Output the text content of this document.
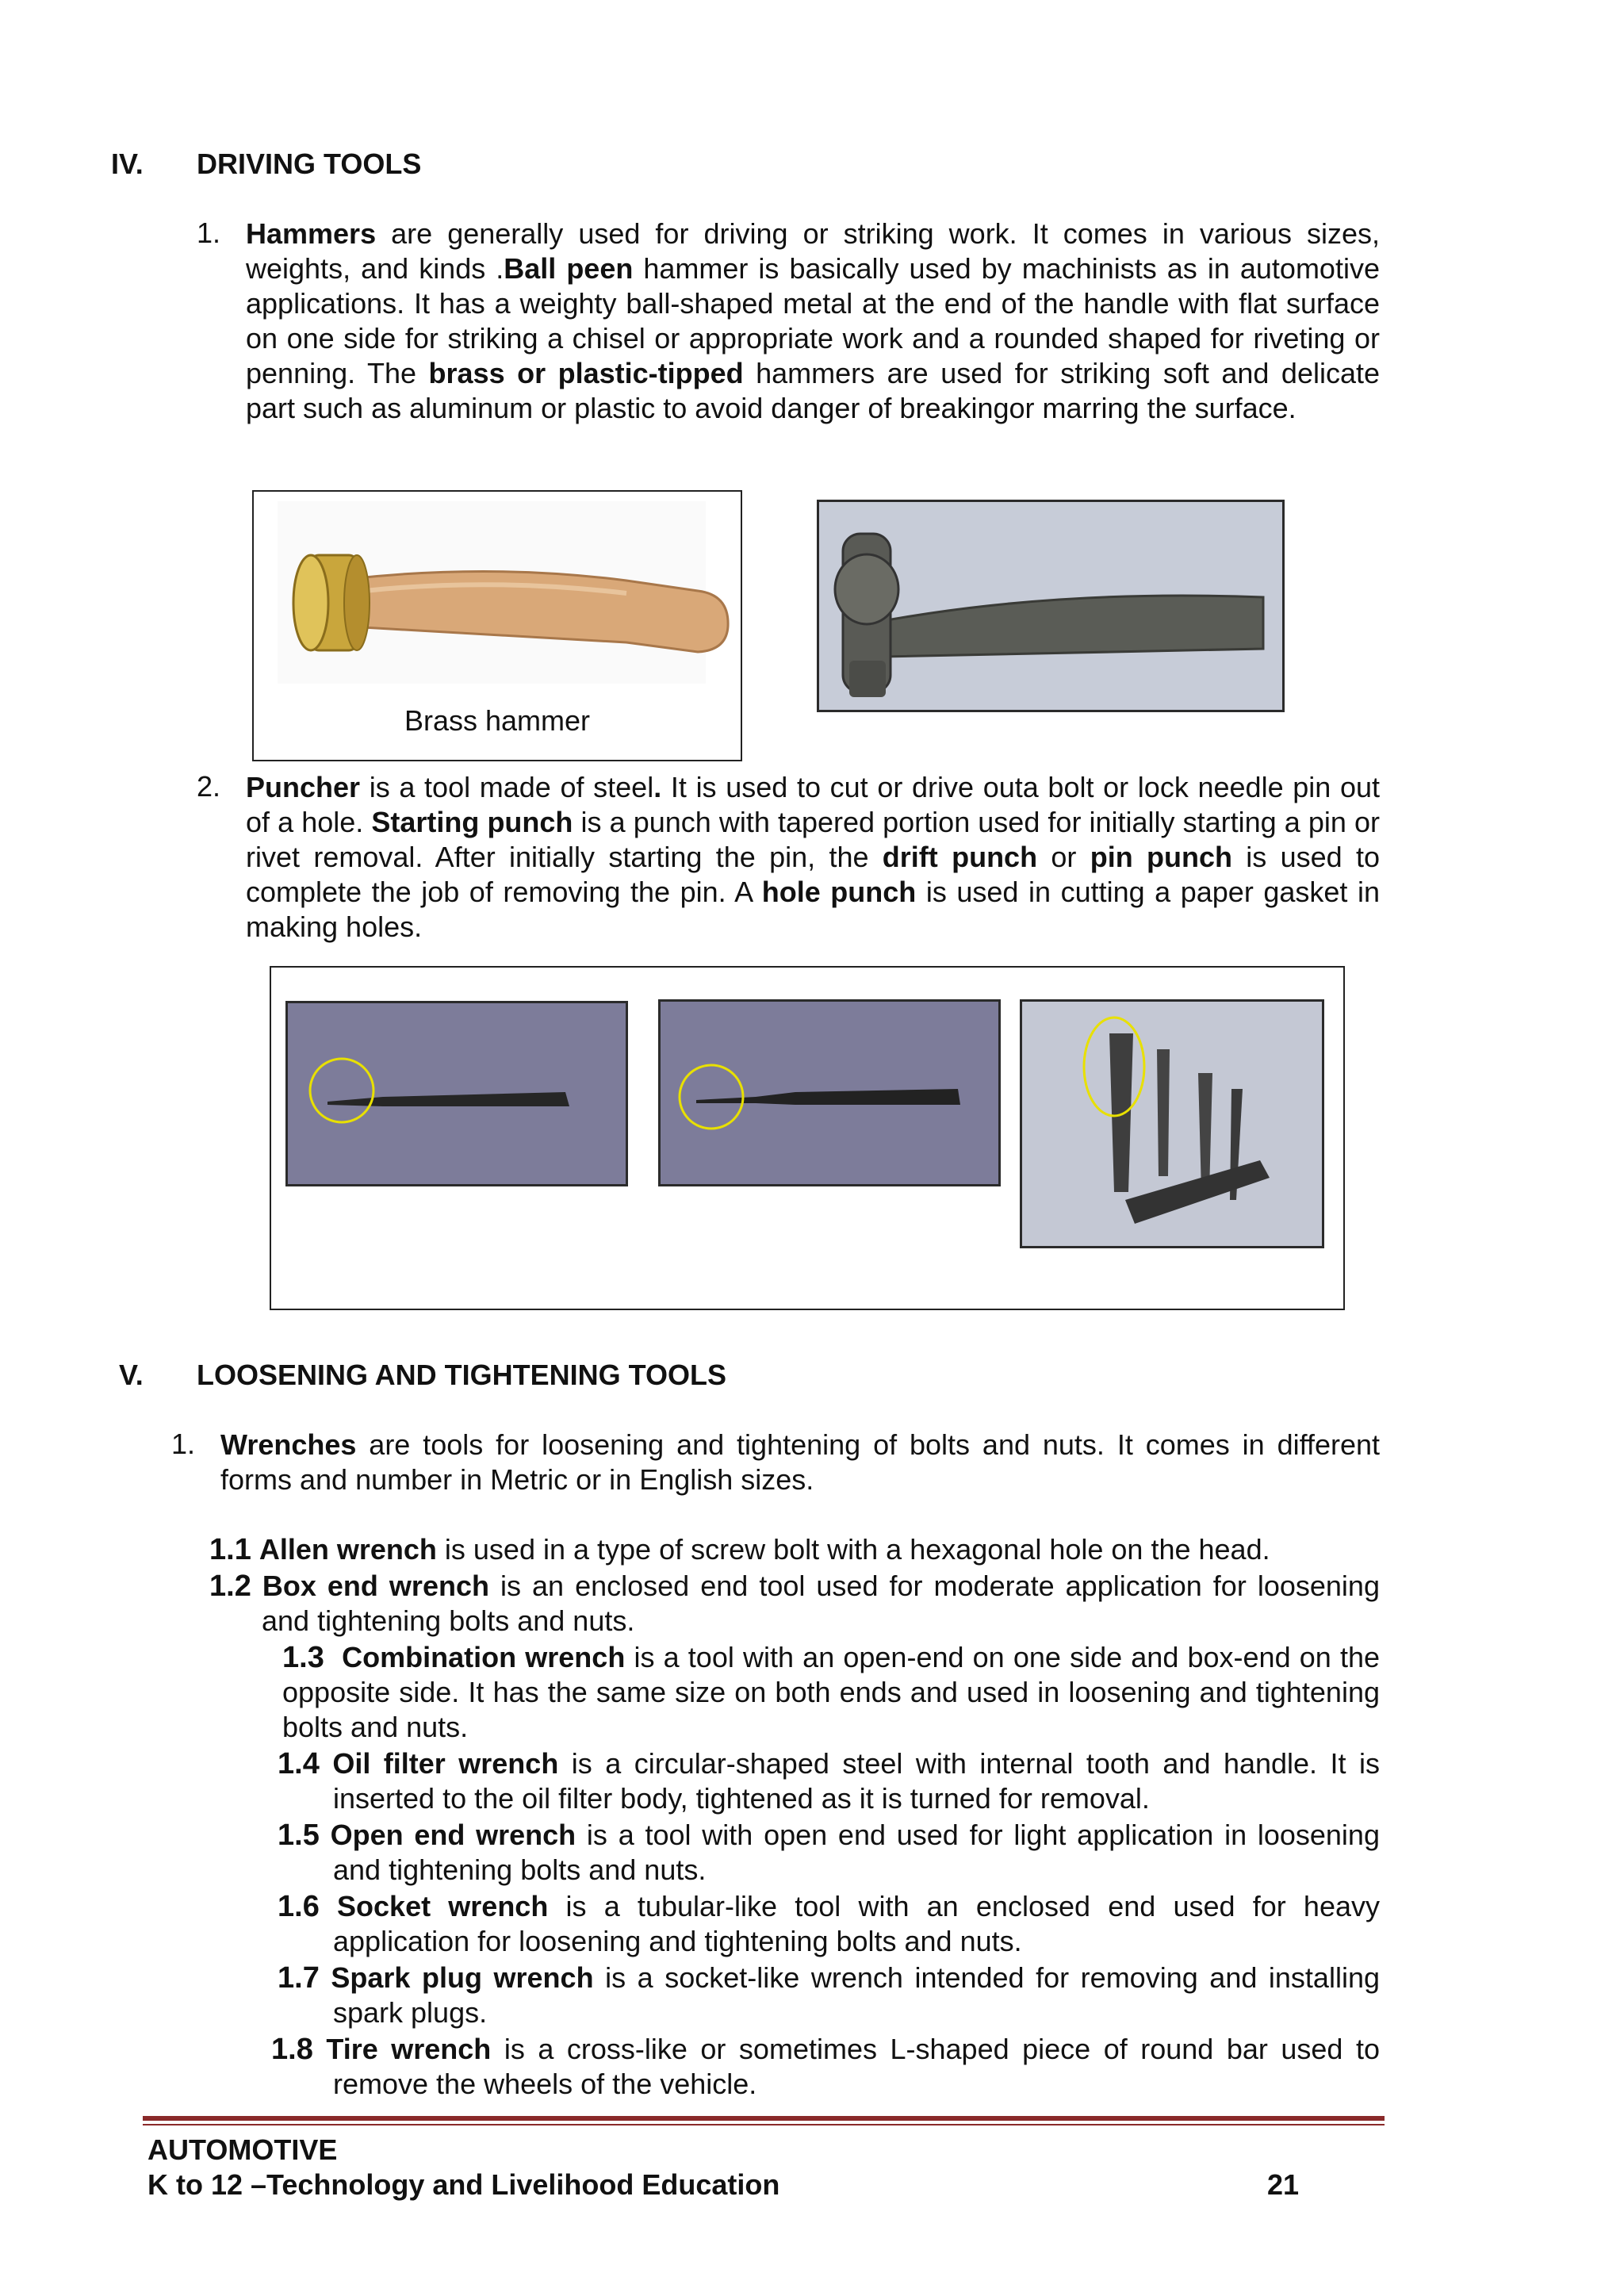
IV. DRIVING TOOLS
1. Hammers are generally used for driving or striking work. It comes in various sizes, weights, and kinds .Ball peen hammer is basically used by machinists as in automotive applications. It has a weighty ball-shaped metal at the end of the handle with flat surface on one side for striking a chisel or appropriate work and a rounded shaped for riveting or penning. The brass or plastic-tipped hammers are used for striking soft and delicate part such as aluminum or plastic to avoid danger of breakingor marring the surface.

Brass hammer
2. Puncher is a tool made of steel. It is used to cut or drive outa bolt or lock needle pin out of a hole. Starting punch is a punch with tapered portion used for initially starting a pin or rivet removal. After initially starting the pin, the drift punch or pin punch is used to complete the job of removing the pin. A hole punch is used in cutting a paper gasket in making holes.

V. LOOSENING AND TIGHTENING TOOLS
1. Wrenches are tools for loosening and tightening of bolts and nuts. It comes in different forms and number in Metric or in English sizes.

1.1 Allen wrench is used in a type of screw bolt with a hexagonal hole on the head.

1.2 Box end wrench is an enclosed end tool used for moderate application for loosening and tightening bolts and nuts.

1.3 Combination wrench is a tool with an open-end on one side and box-end on the opposite side. It has the same size on both ends and used in loosening and tightening bolts and nuts.

1.4 Oil filter wrench is a circular-shaped steel with internal tooth and handle. It is inserted to the oil filter body, tightened as it is turned for removal.

1.5 Open end wrench is a tool with open end used for light application in loosening and tightening bolts and nuts.

1.6 Socket wrench is a tubular-like tool with an enclosed end used for heavy application for loosening and tightening bolts and nuts.

1.7 Spark plug wrench is a socket-like wrench intended for removing and installing spark plugs.

1.8 Tire wrench is a cross-like or sometimes L-shaped piece of round bar used to remove the wheels of the vehicle.

AUTOMOTIVE
K to 12 –Technology and Livelihood Education	21
